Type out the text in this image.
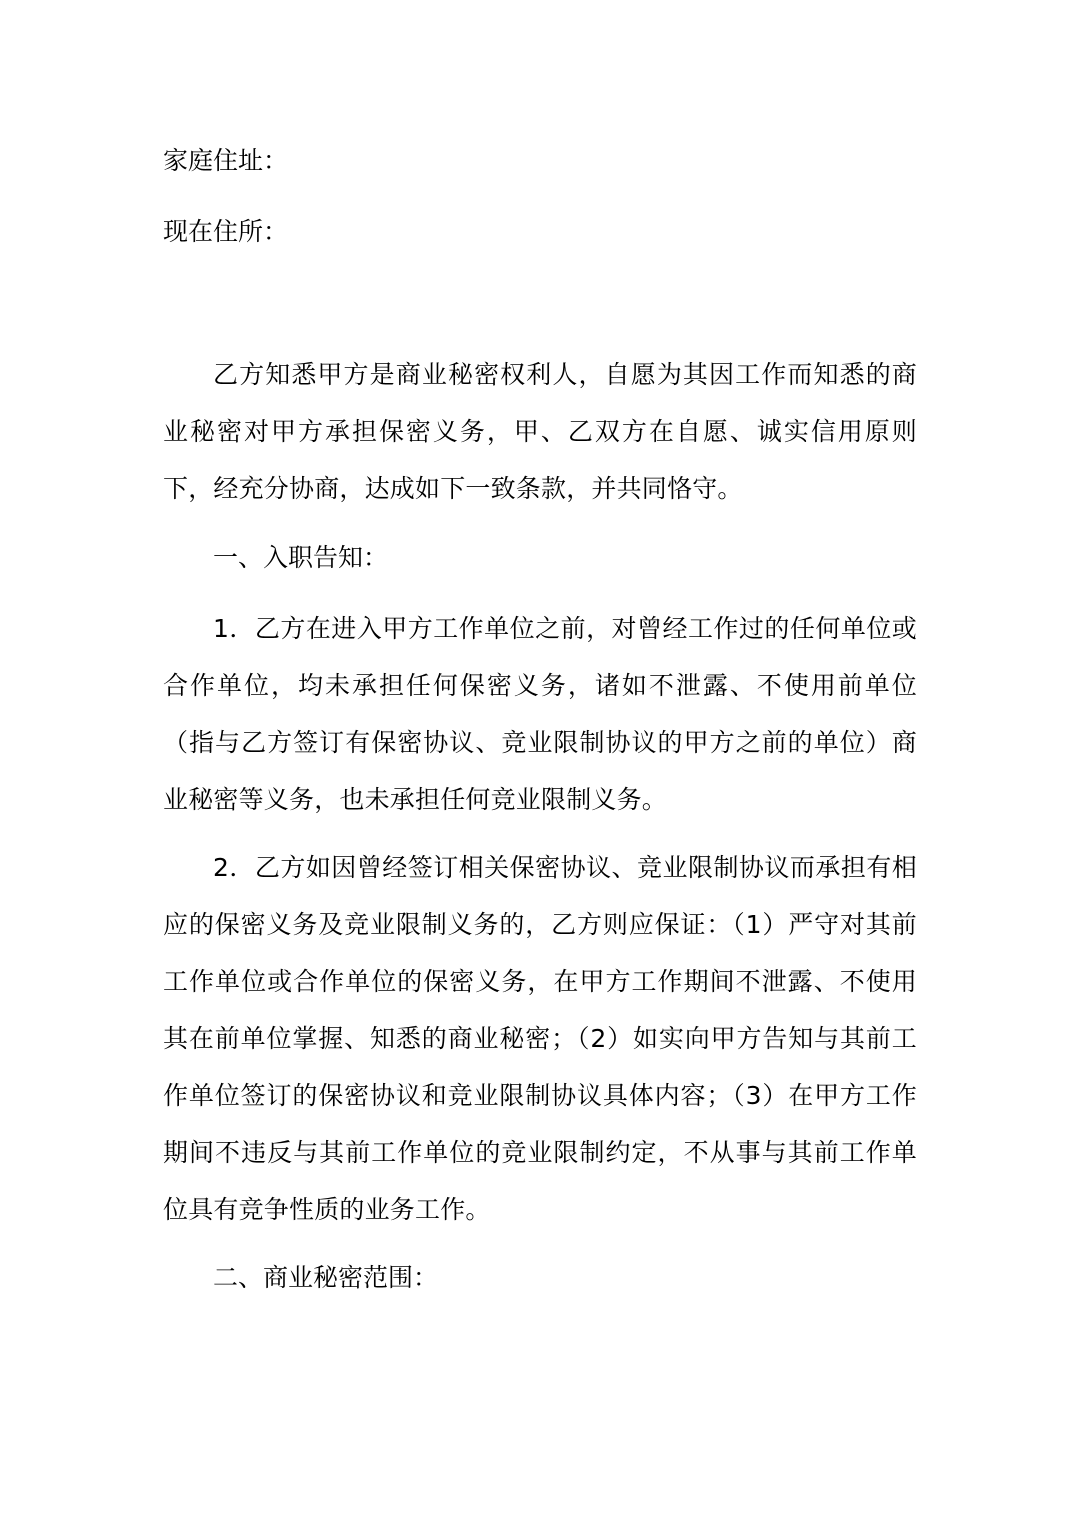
家庭住址：
现在住所：
乙方知悉甲方是商业秘密权利人，自愿为其因工作而知悉的商业秘密对甲方承担保密义务，甲、乙双方在自愿、诚实信用原则下，经充分协商，达成如下一致条款，并共同恪守。
一、入职告知：
1．乙方在进入甲方工作单位之前，对曾经工作过的任何单位或合作单位，均未承担任何保密义务，诸如不泄露、不使用前单位（指与乙方签订有保密协议、竞业限制协议的甲方之前的单位）商业秘密等义务，也未承担任何竞业限制义务。
2．乙方如因曾经签订相关保密协议、竞业限制协议而承担有相应的保密义务及竞业限制义务的，乙方则应保证：（1）严守对其前工作单位或合作单位的保密义务，在甲方工作期间不泄露、不使用其在前单位掌握、知悉的商业秘密；（2）如实向甲方告知与其前工作单位签订的保密协议和竞业限制协议具体内容；（3）在甲方工作期间不违反与其前工作单位的竞业限制约定，不从事与其前工作单位具有竞争性质的业务工作。
二、商业秘密范围：
